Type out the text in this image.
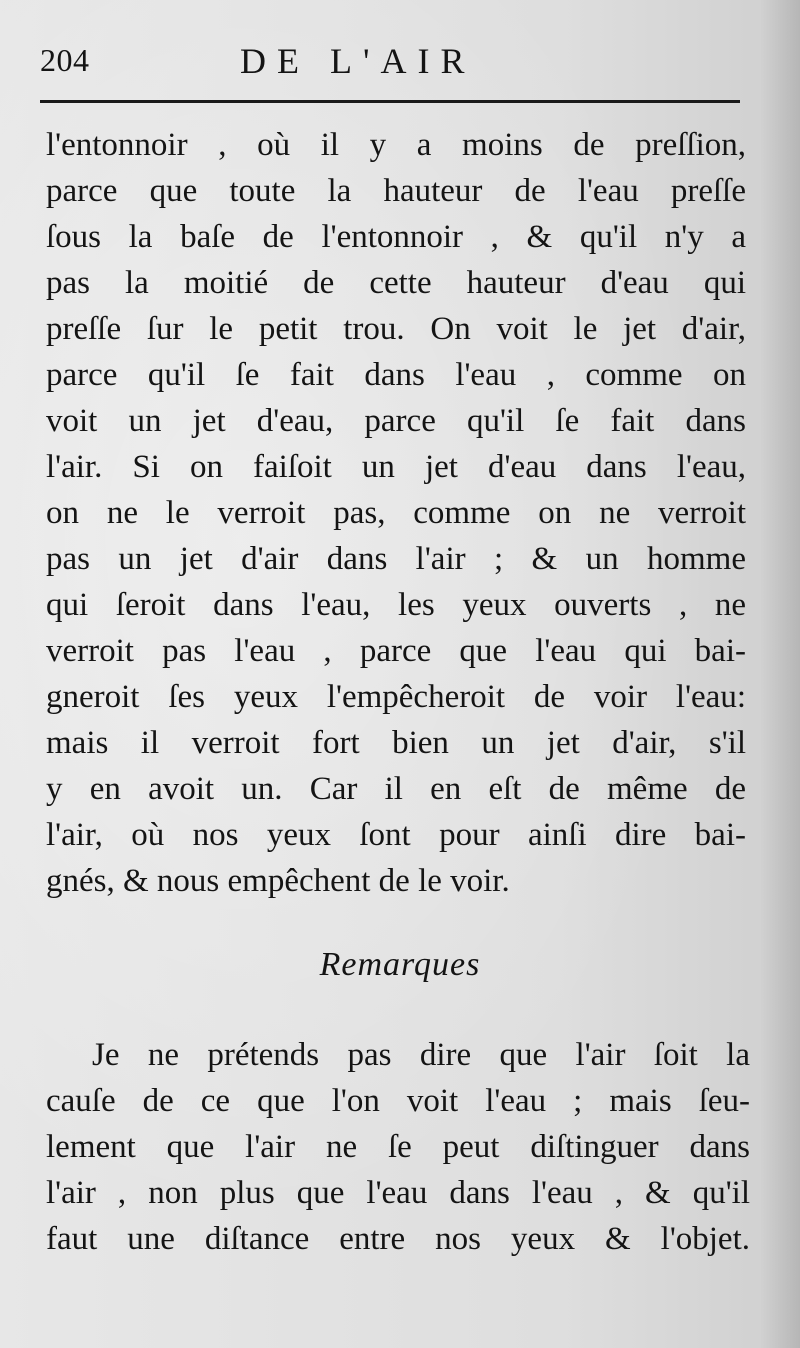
204	DE L'AIR
l'entonnoir , où il y a moins de preſſion,
parce que toute la hauteur de l'eau preſſe
ſous la baſe de l'entonnoir , & qu'il n'y a
pas la moitié de cette hauteur d'eau qui
preſſe ſur le petit trou. On voit le jet d'air,
parce qu'il ſe fait dans l'eau , comme on
voit un jet d'eau, parce qu'il ſe fait dans
l'air. Si on faiſoit un jet d'eau dans l'eau,
on ne le verroit pas, comme on ne verroit
pas un jet d'air dans l'air ; & un homme
qui ſeroit dans l'eau, les yeux ouverts , ne
verroit pas l'eau , parce que l'eau qui bai-
gneroit ſes yeux l'empêcheroit de voir l'eau:
mais il verroit fort bien un jet d'air, s'il
y en avoit un. Car il en eſt de même de
l'air, où nos yeux ſont pour ainſi dire bai-
gnés, & nous empêchent de le voir.
Remarques
Je ne prétends pas dire que l'air ſoit la
cauſe de ce que l'on voit l'eau ; mais ſeu-
lement que l'air ne ſe peut diſtinguer dans
l'air , non plus que l'eau dans l'eau , & qu'il
faut une diſtance entre nos yeux & l'objet.
